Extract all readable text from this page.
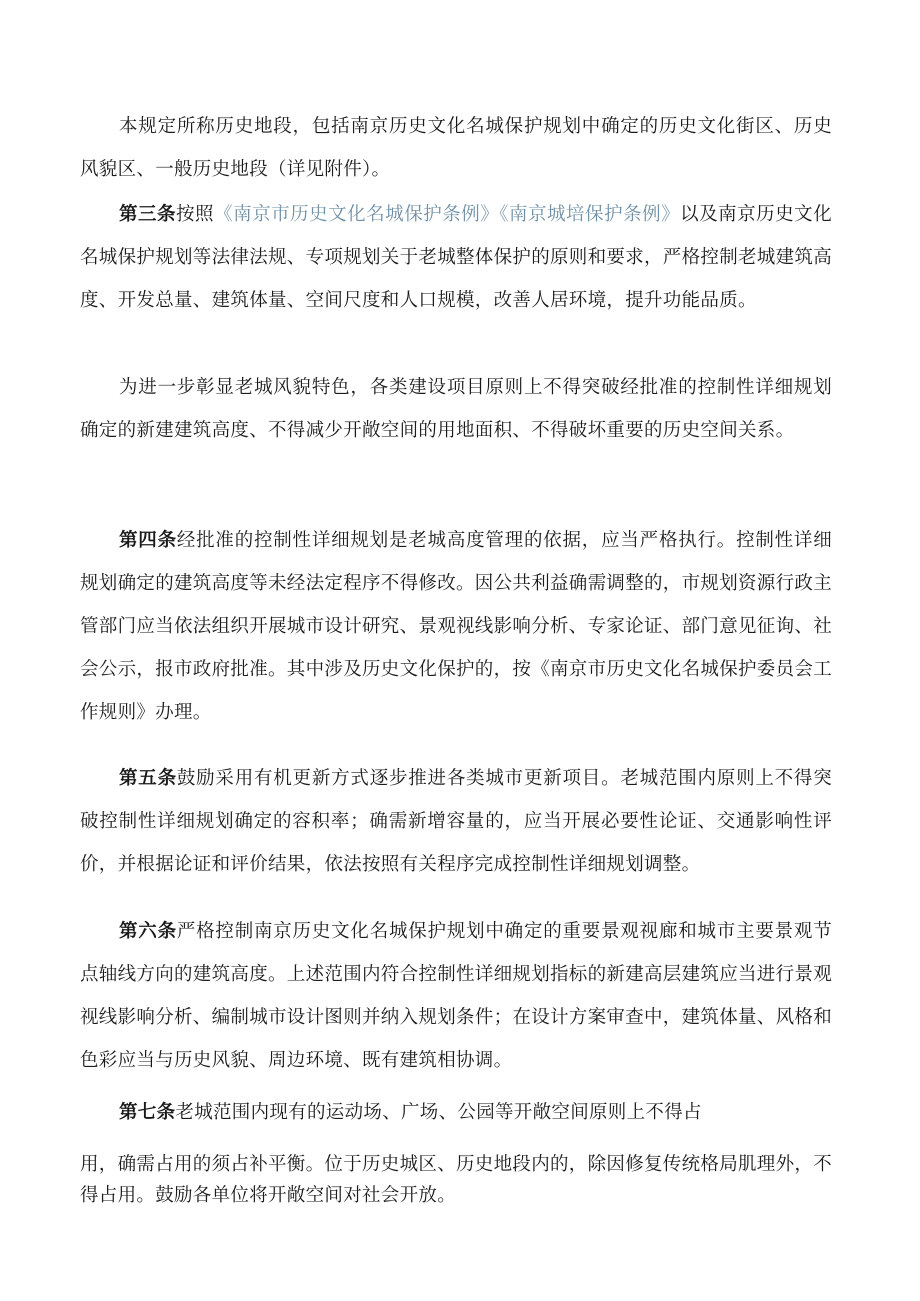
本规定所称历史地段，包括南京历史文化名城保护规划中确定的历史文化街区、历史风貌区、一般历史地段（详见附件）。

第三条按照《南京市历史文化名城保护条例》《南京城培保护条例》以及南京历史文化名城保护规划等法律法规、专项规划关于老城整体保护的原则和要求，严格控制老城建筑高度、开发总量、建筑体量、空间尺度和人口规模，改善人居环境，提升功能品质。

为进一步彰显老城风貌特色，各类建设项目原则上不得突破经批准的控制性详细规划确定的新建建筑高度、不得减少开敞空间的用地面积、不得破坏重要的历史空间关系。

第四条经批准的控制性详细规划是老城高度管理的依据，应当严格执行。控制性详细规划确定的建筑高度等未经法定程序不得修改。因公共利益确需调整的，市规划资源行政主管部门应当依法组织开展城市设计研究、景观视线影响分析、专家论证、部门意见征询、社会公示，报市政府批准。其中涉及历史文化保护的，按《南京市历史文化名城保护委员会工作规则》办理。

第五条鼓励采用有机更新方式逐步推进各类城市更新项目。老城范围内原则上不得突破控制性详细规划确定的容积率；确需新增容量的，应当开展必要性论证、交通影响性评价，并根据论证和评价结果，依法按照有关程序完成控制性详细规划调整。

第六条严格控制南京历史文化名城保护规划中确定的重要景观视廊和城市主要景观节点轴线方向的建筑高度。上述范围内符合控制性详细规划指标的新建高层建筑应当进行景观视线影响分析、编制城市设计图则并纳入规划条件；在设计方案审查中，建筑体量、风格和色彩应当与历史风貌、周边环境、既有建筑相协调。

第七条老城范围内现有的运动场、广场、公园等开敞空间原则上不得占

用，确需占用的须占补平衡。位于历史城区、历史地段内的，除因修复传统格局肌理外，不得占用。鼓励各单位将开敞空间对社会开放。
